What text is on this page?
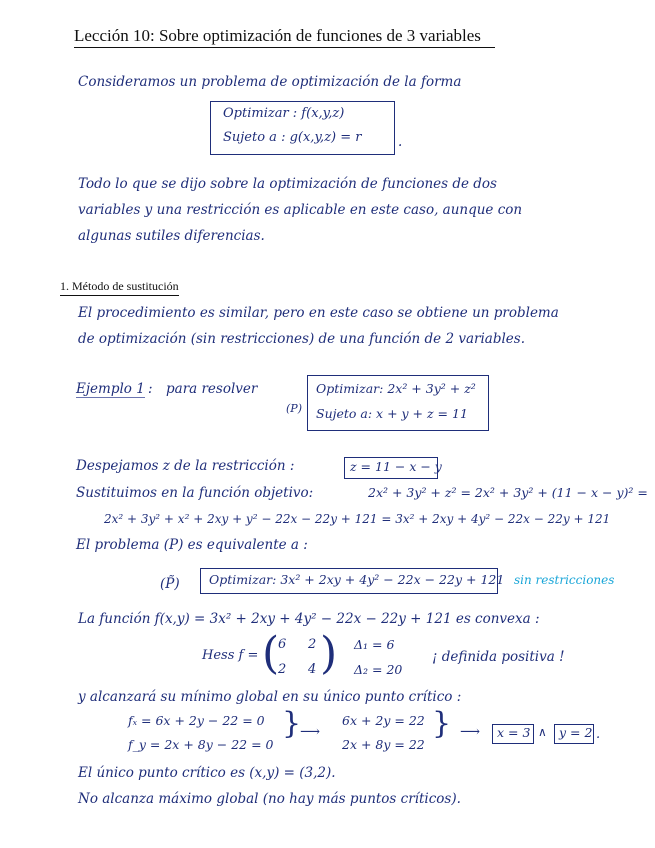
Lección 10: Sobre optimización de funciones de 3 variables
Consideramos un problema de optimización de la forma
Optimizar : f(x,y,z)
Sujeto a : g(x,y,z) = r	.
Todo lo que se dijo sobre la optimización de funciones de dos
variables y una restricción es aplicable en este caso, aunque con
algunas sutiles diferencias.
1. Método de sustitución
El procedimiento es similar, pero en este caso se obtiene un problema
de optimización (sin restricciones) de una función de 2 variables.
Ejemplo 1 : para resolver
(P)
Optimizar: 2x² + 3y² + z²
Sujeto a: x + y + z = 11
Despejamos z de la restricción :	z = 11 − x − y
Sustituimos en la función objetivo:	2x² + 3y² + z² = 2x² + 3y² + (11 − x − y)² =
2x² + 3y² + x² + 2xy + y² − 22x − 22y + 121 = 3x² + 2xy + 4y² − 22x − 22y + 121
El problema (P) es equivalente a :
(P̃) Optimizar: 3x² + 2xy + 4y² − 22x − 22y + 121 sin restricciones
La función f(x,y) = 3x² + 2xy + 4y² − 22x − 22y + 121 es convexa :
Hess f = (
6 2
2 4 ) Δ₁ = 6
Δ₂ = 20
¡ definida positiva !
y alcanzará su mínimo global en su único punto crítico :
fₓ = 6x + 2y − 22 = 0
f_y = 2x + 8y − 22 = 0
}
⟶
6x + 2y = 22
2x + 8y = 22
} ⟶ x = 3 ∧ y = 2 .
El único punto crítico es (x,y) = (3,2).
No alcanza máximo global (no hay más puntos críticos).
